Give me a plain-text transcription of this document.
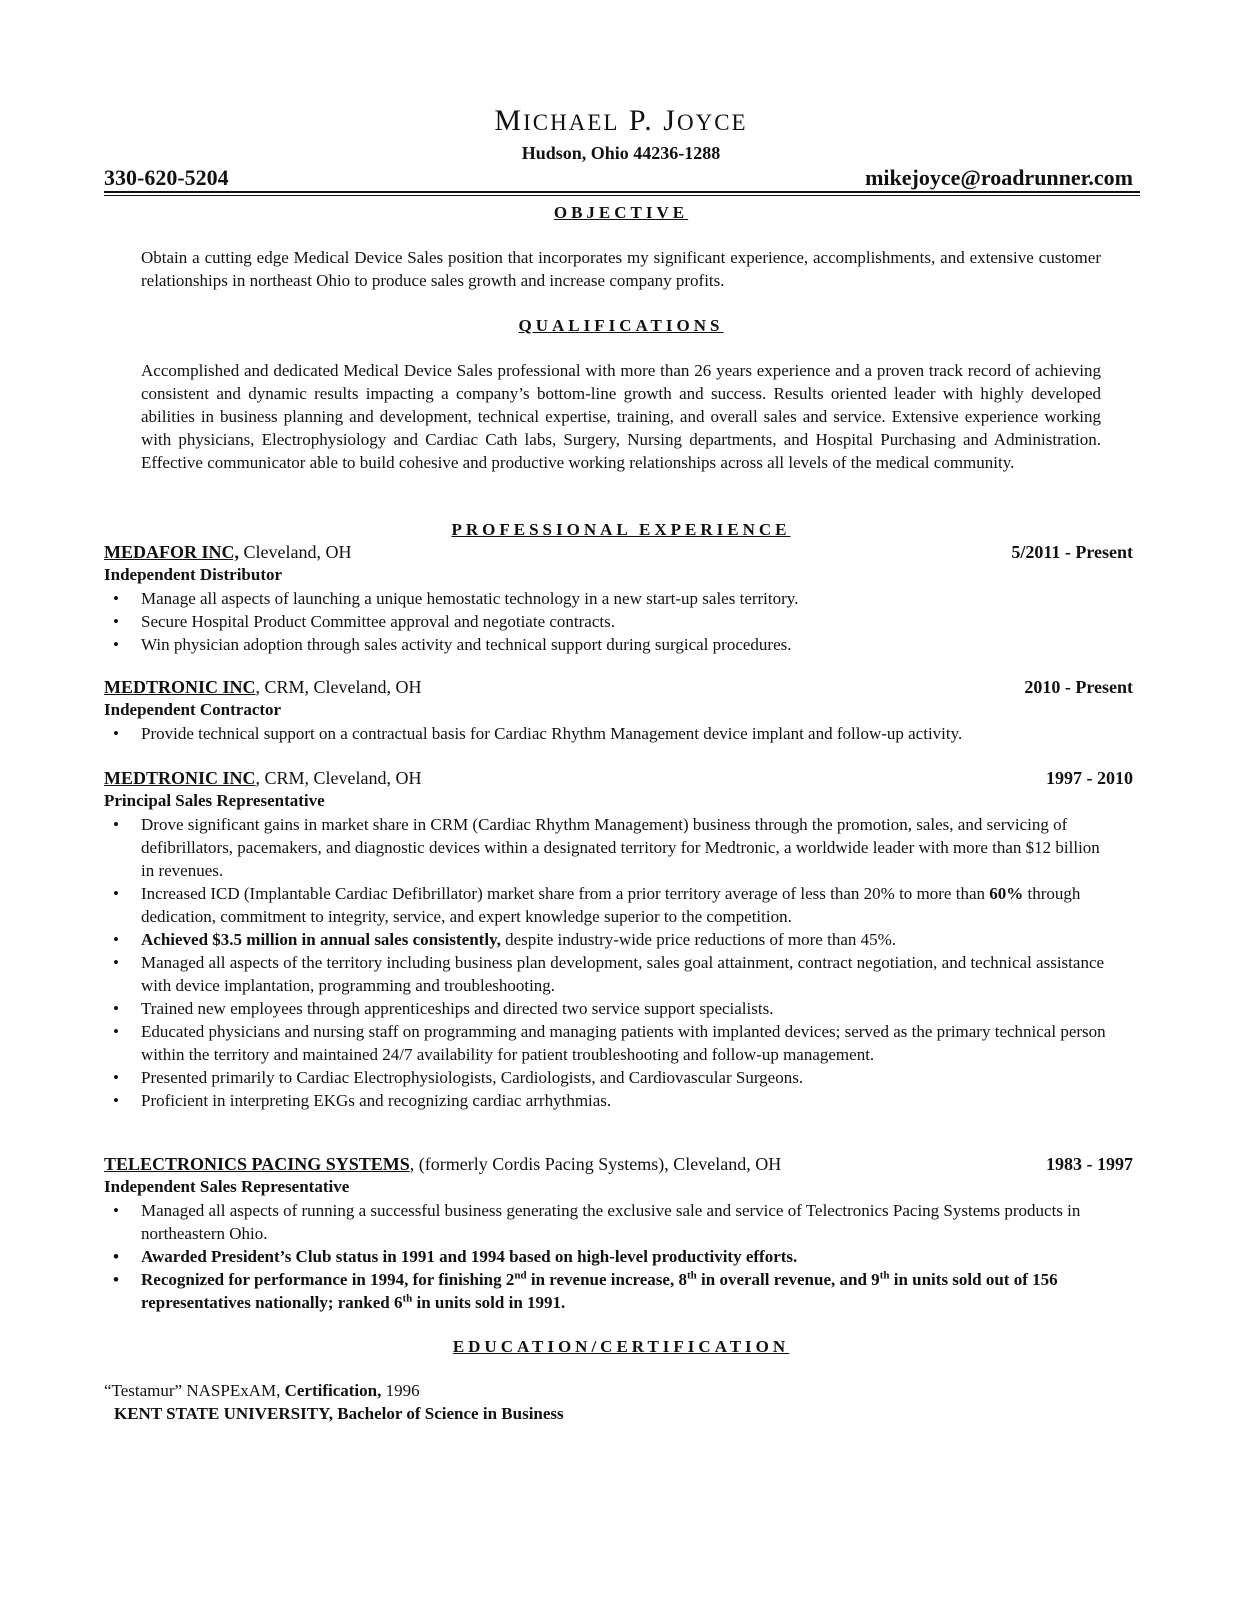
MICHAEL P. JOYCE
Hudson, Ohio 44236-1288
330-620-5204	mikejoyce@roadrunner.com
OBJECTIVE
Obtain a cutting edge Medical Device Sales position that incorporates my significant experience, accomplishments, and extensive customer relationships in northeast Ohio to produce sales growth and increase company profits.
QUALIFICATIONS
Accomplished and dedicated Medical Device Sales professional with more than 26 years experience and a proven track record of achieving consistent and dynamic results impacting a company’s bottom-line growth and success. Results oriented leader with highly developed abilities in business planning and development, technical expertise, training, and overall sales and service. Extensive experience working with physicians, Electrophysiology and Cardiac Cath labs, Surgery, Nursing departments, and Hospital Purchasing and Administration. Effective communicator able to build cohesive and productive working relationships across all levels of the medical community.
PROFESSIONAL EXPERIENCE
MEDAFOR INC, Cleveland, OH	5/2011 - Present
Independent Distributor
• Manage all aspects of launching a unique hemostatic technology in a new start-up sales territory.
• Secure Hospital Product Committee approval and negotiate contracts.
• Win physician adoption through sales activity and technical support during surgical procedures.
MEDTRONIC INC, CRM, Cleveland, OH	2010 - Present
Independent Contractor
• Provide technical support on a contractual basis for Cardiac Rhythm Management device implant and follow-up activity.
MEDTRONIC INC, CRM, Cleveland, OH	1997 - 2010
Principal Sales Representative
• Drove significant gains in market share in CRM (Cardiac Rhythm Management) business through the promotion, sales, and servicing of defibrillators, pacemakers, and diagnostic devices within a designated territory for Medtronic, a worldwide leader with more than $12 billion in revenues.
• Increased ICD (Implantable Cardiac Defibrillator) market share from a prior territory average of less than 20% to more than 60% through dedication, commitment to integrity, service, and expert knowledge superior to the competition.
• Achieved $3.5 million in annual sales consistently, despite industry-wide price reductions of more than 45%.
• Managed all aspects of the territory including business plan development, sales goal attainment, contract negotiation, and technical assistance with device implantation, programming and troubleshooting.
• Trained new employees through apprenticeships and directed two service support specialists.
• Educated physicians and nursing staff on programming and managing patients with implanted devices; served as the primary technical person within the territory and maintained 24/7 availability for patient troubleshooting and follow-up management.
• Presented primarily to Cardiac Electrophysiologists, Cardiologists, and Cardiovascular Surgeons.
• Proficient in interpreting EKGs and recognizing cardiac arrhythmias.
TELECTRONICS PACING SYSTEMS, (formerly Cordis Pacing Systems), Cleveland, OH	1983 - 1997
Independent Sales Representative
• Managed all aspects of running a successful business generating the exclusive sale and service of Telectronics Pacing Systems products in northeastern Ohio.
• Awarded President’s Club status in 1991 and 1994 based on high-level productivity efforts.
• Recognized for performance in 1994, for finishing 2nd in revenue increase, 8th in overall revenue, and 9th in units sold out of 156 representatives nationally; ranked 6th in units sold in 1991.
EDUCATION/CERTIFICATION
“Testamur” NASPExAM, Certification, 1996
KENT STATE UNIVERSITY, Bachelor of Science in Business
